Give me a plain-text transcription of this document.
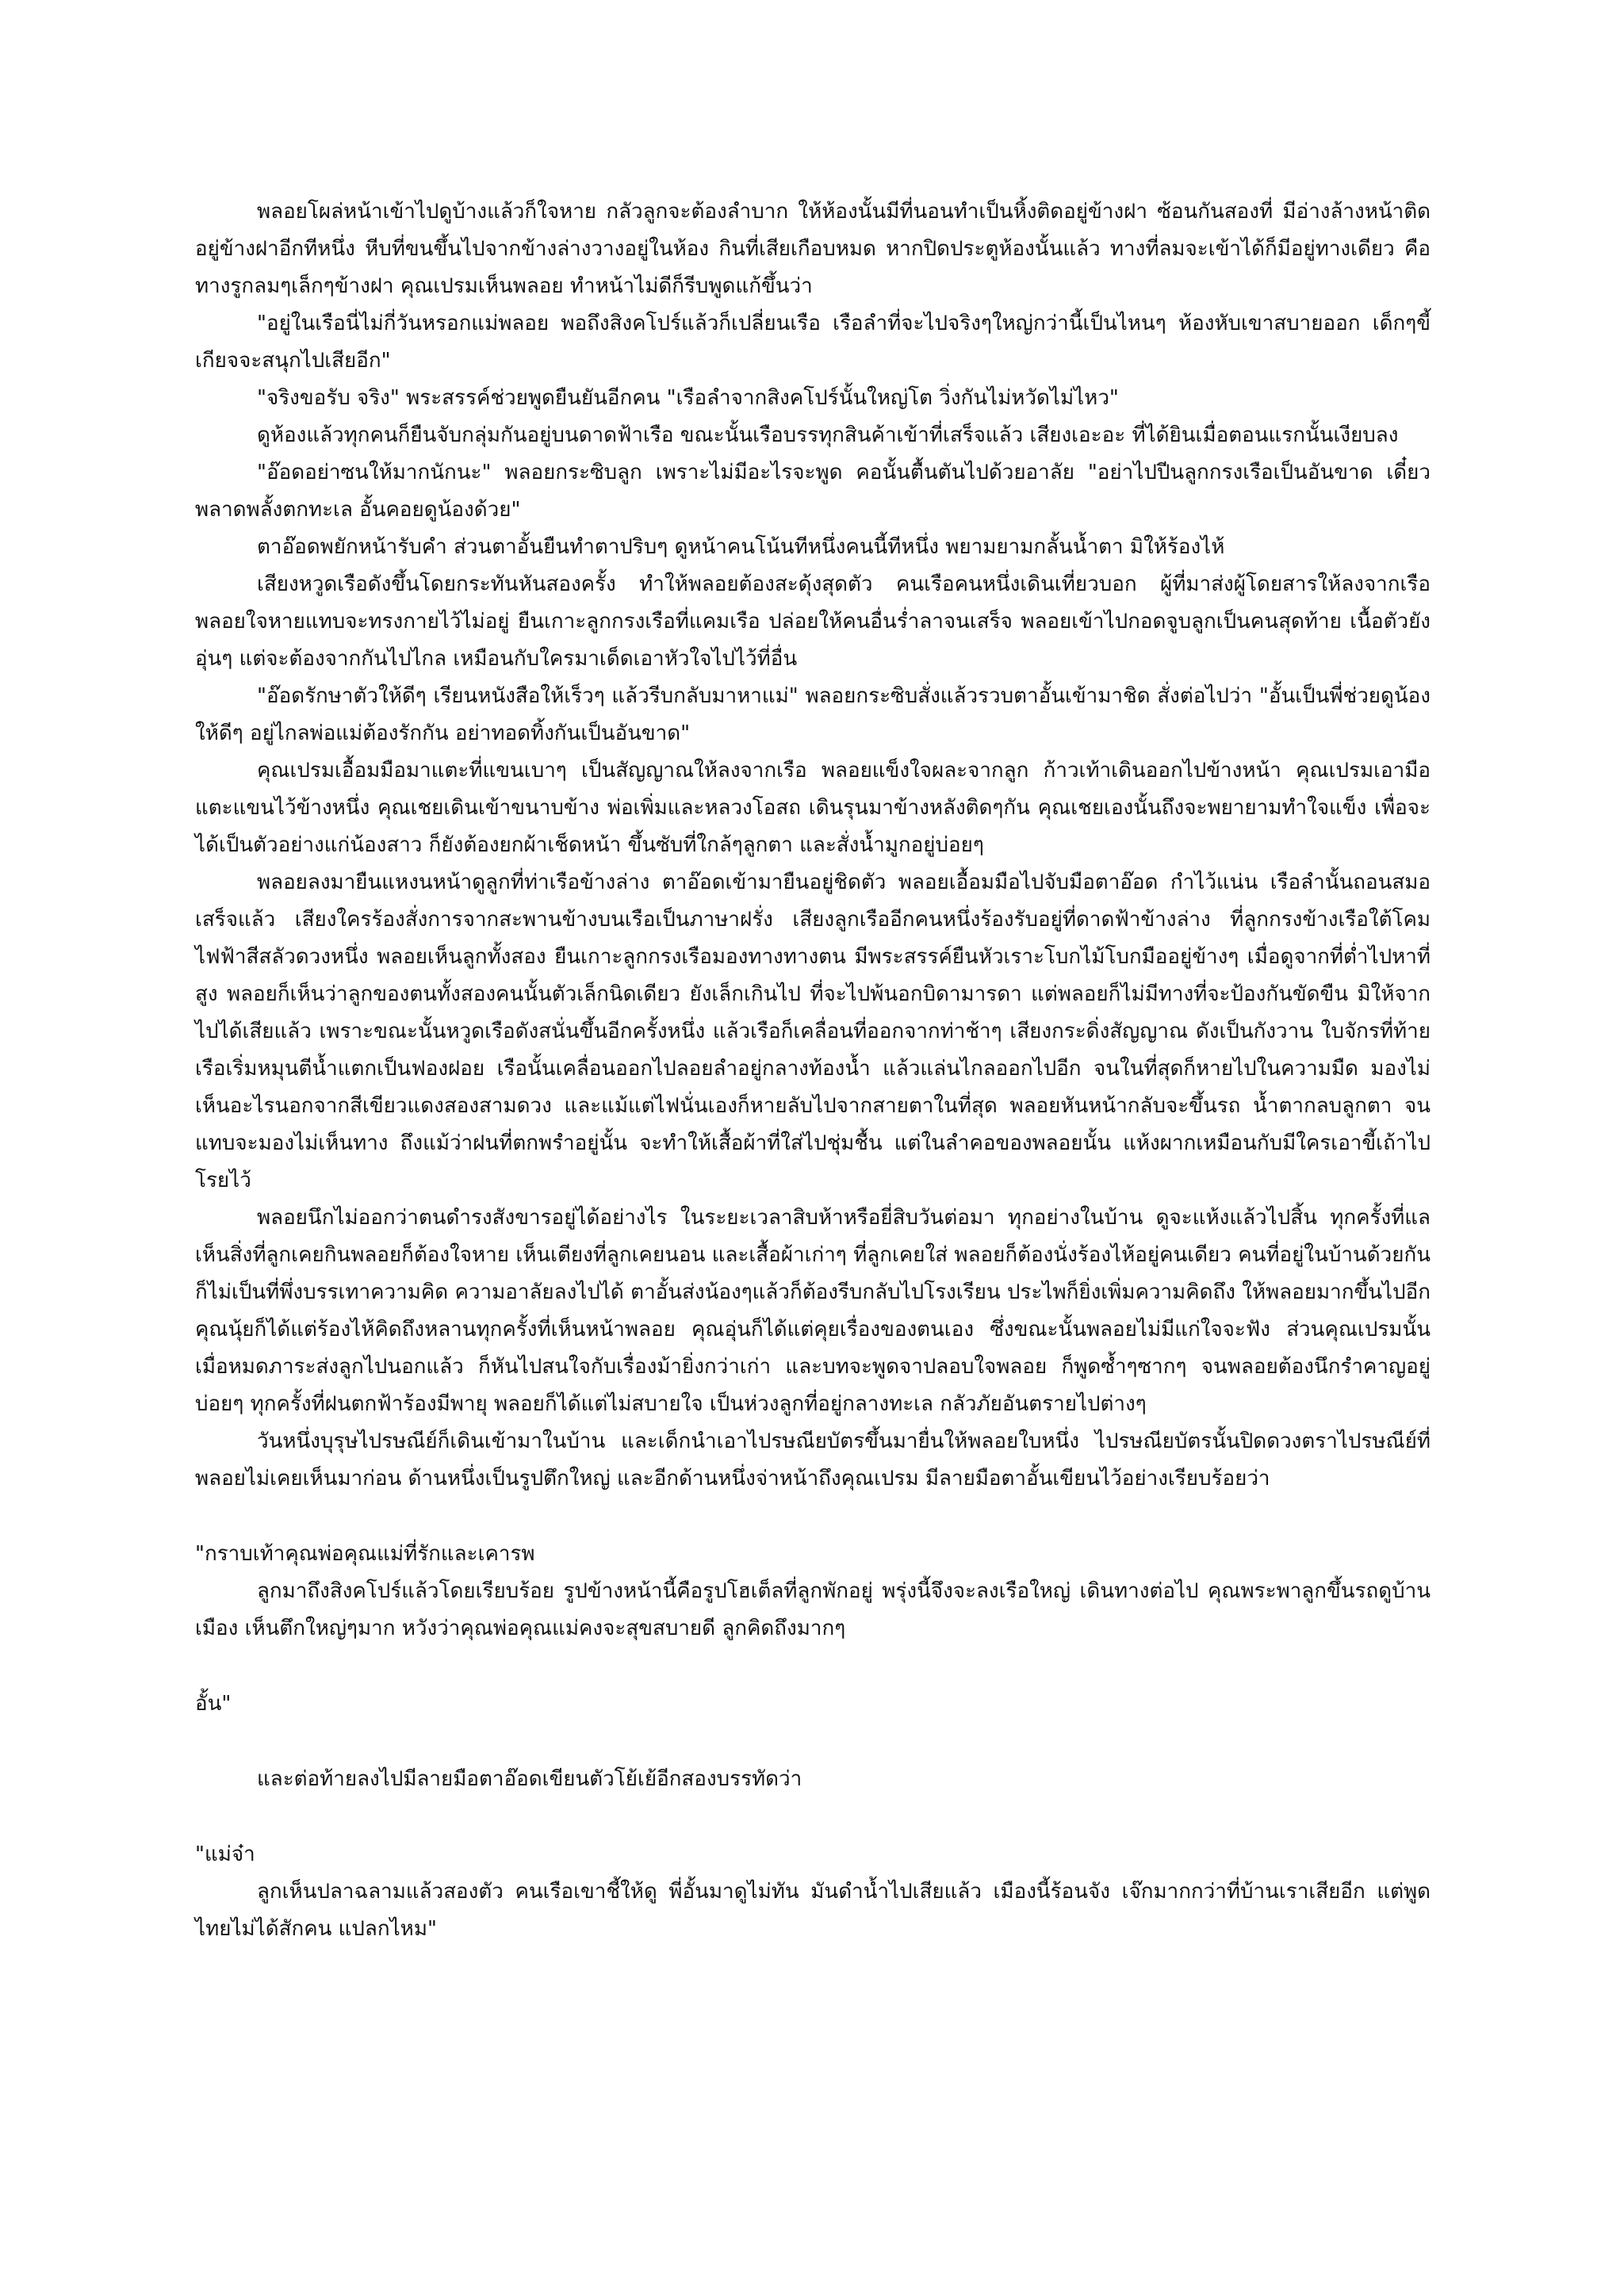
พลอยโผล่หน้าเข้าไปดูบ้างแล้วก็ใจหาย กลัวลูกจะต้องลำบาก ให้ห้องนั้นมีที่นอนทำเป็นหิ้งติดอยู่ข้างฝา ซ้อนกันสองที่ มีอ่างล้างหน้าติดอยู่ข้างฝาอีกทีหนึ่ง หีบที่ขนขึ้นไปจากข้างล่างวางอยู่ในห้อง กินที่เสียเกือบหมด หากปิดประตูห้องนั้นแล้ว ทางที่ลมจะเข้าได้ก็มีอยู่ทางเดียว คือทางรูกลมๆเล็กๆข้างฝา คุณเปรมเห็นพลอย ทำหน้าไม่ดีก็รีบพูดแก้ขึ้นว่า

"อยู่ในเรือนี่ไม่กี่วันหรอกแม่พลอย พอถึงสิงคโปร์แล้วก็เปลี่ยนเรือ เรือลำที่จะไปจริงๆใหญ่กว่านี้เป็นไหนๆ ห้องหับเขาสบายออก เด็กๆขี้เกียจจะสนุกไปเสียอีก"

"จริงขอรับ จริง" พระสรรค์ช่วยพูดยืนยันอีกคน "เรือลำจากสิงคโปร์นั้นใหญ่โต วิ่งกันไม่หวัดไม่ไหว"

ดูห้องแล้วทุกคนก็ยืนจับกลุ่มกันอยู่บนดาดฟ้าเรือ ขณะนั้นเรือบรรทุกสินค้าเข้าที่เสร็จแล้ว เสียงเอะอะ ที่ได้ยินเมื่อตอนแรกนั้นเงียบลง

"อ๊อดอย่าซนให้มากนักนะ" พลอยกระซิบลูก เพราะไม่มีอะไรจะพูด คอนั้นตื้นตันไปด้วยอาลัย "อย่าไปปีนลูกกรงเรือเป็นอันขาด เดี๋ยวพลาดพลั้งตกทะเล อั้นคอยดูน้องด้วย"

ตาอ๊อดพยักหน้ารับคำ ส่วนตาอั้นยืนทำตาปริบๆ ดูหน้าคนโน้นทีหนึ่งคนนี้ทีหนึ่ง พยามยามกลั้นน้ำตา มิให้ร้องไห้

เสียงหวูดเรือดังขึ้นโดยกระทันหันสองครั้ง ทำให้พลอยต้องสะดุ้งสุดตัว คนเรือคนหนึ่งเดินเที่ยวบอก ผู้ที่มาส่งผู้โดยสารให้ลงจากเรือ พลอยใจหายแทบจะทรงกายไว้ไม่อยู่ ยืนเกาะลูกกรงเรือที่แคมเรือ ปล่อยให้คนอื่นร่ำลาจนเสร็จ พลอยเข้าไปกอดจูบลูกเป็นคนสุดท้าย เนื้อตัวยังอุ่นๆ แต่จะต้องจากกันไปไกล เหมือนกับใครมาเด็ดเอาหัวใจไปไว้ที่อื่น

"อ๊อดรักษาตัวให้ดีๆ เรียนหนังสือให้เร็วๆ แล้วรีบกลับมาหาแม่" พลอยกระซิบสั่งแล้วรวบตาอั้นเข้ามาชิด สั่งต่อไปว่า "อั้นเป็นพี่ช่วยดูน้องให้ดีๆ อยู่ไกลพ่อแม่ต้องรักกัน อย่าทอดทิ้งกันเป็นอันขาด"

คุณเปรมเอื้อมมือมาแตะที่แขนเบาๆ เป็นสัญญาณให้ลงจากเรือ พลอยแข็งใจผละจากลูก ก้าวเท้าเดินออกไปข้างหน้า คุณเปรมเอามือแตะแขนไว้ข้างหนึ่ง คุณเชยเดินเข้าขนาบข้าง พ่อเพิ่มและหลวงโอสถ เดินรุนมาข้างหลังติดๆกัน คุณเชยเองนั้นถึงจะพยายามทำใจแข็ง เพื่อจะได้เป็นตัวอย่างแก่น้องสาว ก็ยังต้องยกผ้าเช็ดหน้า ขึ้นซับที่ใกล้ๆลูกตา และสั่งน้ำมูกอยู่บ่อยๆ

พลอยลงมายืนแหงนหน้าดูลูกที่ท่าเรือข้างล่าง ตาอ๊อดเข้ามายืนอยู่ชิดตัว พลอยเอื้อมมือไปจับมือตาอ๊อด กำไว้แน่น เรือลำนั้นถอนสมอเสร็จแล้ว เสียงใครร้องสั่งการจากสะพานข้างบนเรือเป็นภาษาฝรั่ง เสียงลูกเรืออีกคนหนึ่งร้องรับอยู่ที่ดาดฟ้าข้างล่าง ที่ลูกกรงข้างเรือใต้โคมไฟฟ้าสีสลัวดวงหนึ่ง พลอยเห็นลูกทั้งสอง ยืนเกาะลูกกรงเรือมองทางทางตน มีพระสรรค์ยืนหัวเราะโบกไม้โบกมืออยู่ข้างๆ เมื่อดูจากที่ต่ำไปหาที่สูง พลอยก็เห็นว่าลูกของตนทั้งสองคนนั้นตัวเล็กนิดเดียว ยังเล็กเกินไป ที่จะไปพ้นอกบิดามารดา แต่พลอยก็ไม่มีทางที่จะป้องกันขัดขืน มิให้จากไปได้เสียแล้ว เพราะขณะนั้นหวูดเรือดังสนั่นขึ้นอีกครั้งหนึ่ง แล้วเรือก็เคลื่อนที่ออกจากท่าช้าๆ เสียงกระดิ่งสัญญาณ ดังเป็นกังวาน ใบจักรที่ท้ายเรือเริ่มหมุนตีน้ำแตกเป็นฟองฝอย เรือนั้นเคลื่อนออกไปลอยลำอยู่กลางท้องน้ำ แล้วแล่นไกลออกไปอีก จนในที่สุดก็หายไปในความมืด มองไม่เห็นอะไรนอกจากสีเขียวแดงสองสามดวง และแม้แต่ไฟนั่นเองก็หายลับไปจากสายตาในที่สุด พลอยหันหน้ากลับจะขึ้นรถ น้ำตากลบลูกตา จนแทบจะมองไม่เห็นทาง ถึงแม้ว่าฝนที่ตกพรำอยู่นั้น จะทำให้เสื้อผ้าที่ใส่ไปชุ่มชื้น แต่ในลำคอของพลอยนั้น แห้งผากเหมือนกับมีใครเอาขี้เถ้าไปโรยไว้

พลอยนึกไม่ออกว่าตนดำรงสังขารอยู่ได้อย่างไร ในระยะเวลาสิบห้าหรือยี่สิบวันต่อมา ทุกอย่างในบ้าน ดูจะแห้งแล้วไปสิ้น ทุกครั้งที่แลเห็นสิ่งที่ลูกเคยกินพลอยก็ต้องใจหาย เห็นเตียงที่ลูกเคยนอน และเสื้อผ้าเก่าๆ ที่ลูกเคยใส่ พลอยก็ต้องนั่งร้องไห้อยู่คนเดียว คนที่อยู่ในบ้านด้วยกัน ก็ไม่เป็นที่พึ่งบรรเทาความคิด ความอาลัยลงไปได้ ตาอั้นส่งน้องๆแล้วก็ต้องรีบกลับไปโรงเรียน ประไพก็ยิ่งเพิ่มความคิดถึง ให้พลอยมากขึ้นไปอีก คุณนุ้ยก็ได้แต่ร้องไห้คิดถึงหลานทุกครั้งที่เห็นหน้าพลอย คุณอุ่นก็ได้แต่คุยเรื่องของตนเอง ซึ่งขณะนั้นพลอยไม่มีแก่ใจจะฟัง ส่วนคุณเปรมนั้นเมื่อหมดภาระส่งลูกไปนอกแล้ว ก็หันไปสนใจกับเรื่องม้ายิ่งกว่าเก่า และบทจะพูดจาปลอบใจพลอย ก็พูดซ้ำๆซากๆ จนพลอยต้องนึกรำคาญอยู่บ่อยๆ ทุกครั้งที่ฝนตกฟ้าร้องมีพายุ พลอยก็ได้แต่ไม่สบายใจ เป็นห่วงลูกที่อยู่กลางทะเล กลัวภัยอันตรายไปต่างๆ

วันหนึ่งบุรุษไปรษณีย์ก็เดินเข้ามาในบ้าน และเด็กนำเอาไปรษณียบัตรขึ้นมายื่นให้พลอยใบหนึ่ง ไปรษณียบัตรนั้นปิดดวงตราไปรษณีย์ที่พลอยไม่เคยเห็นมาก่อน ด้านหนึ่งเป็นรูปตึกใหญ่ และอีกด้านหนึ่งจ่าหน้าถึงคุณเปรม มีลายมือตาอั้นเขียนไว้อย่างเรียบร้อยว่า

"กราบเท้าคุณพ่อคุณแม่ที่รักและเคารพ

ลูกมาถึงสิงคโปร์แล้วโดยเรียบร้อย รูปข้างหน้านี้คือรูปโฮเต็ลที่ลูกพักอยู่ พรุ่งนี้จึงจะลงเรือใหญ่ เดินทางต่อไป คุณพระพาลูกขึ้นรถดูบ้านเมือง เห็นตึกใหญ่ๆมาก หวังว่าคุณพ่อคุณแม่คงจะสุขสบายดี ลูกคิดถึงมากๆ

อั้น"

และต่อท้ายลงไปมีลายมือตาอ๊อดเขียนตัวโย้เย้อีกสองบรรทัดว่า

"แม่จ๋า

ลูกเห็นปลาฉลามแล้วสองตัว คนเรือเขาชี้ให้ดู พี่อั้นมาดูไม่ทัน มันดำน้ำไปเสียแล้ว เมืองนี้ร้อนจัง เจ๊กมากกว่าที่บ้านเราเสียอีก แต่พูดไทยไม่ได้สักคน แปลกไหม"
